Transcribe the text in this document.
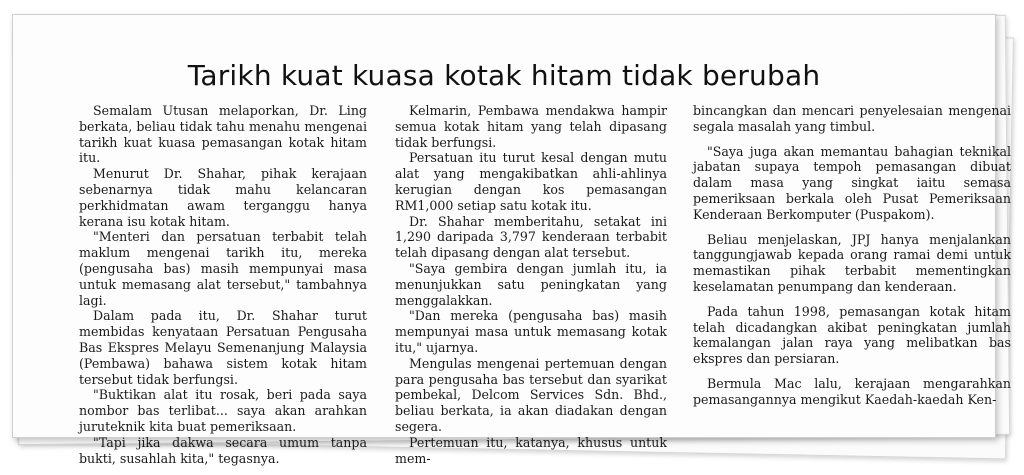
Tarikh kuat kuasa kotak hitam tidak berubah

Semalam Utusan melaporkan, Dr. Ling berkata, beliau tidak tahu menahu mengenai tarikh kuat kuasa pemasangan kotak hitam itu.

Menurut Dr. Shahar, pihak kerajaan sebenarnya tidak mahu kelancaran perkhidmatan awam terganggu hanya kerana isu kotak hitam.

"Menteri dan persatuan terbabit telah maklum mengenai tarikh itu, mereka (pengusaha bas) masih mempunyai masa untuk memasang alat tersebut," tambahnya lagi.

Dalam pada itu, Dr. Shahar turut membidas kenyataan Persatuan Pengusaha Bas Ekspres Melayu Semenanjung Malaysia (Pembawa) bahawa sistem kotak hitam tersebut tidak berfungsi.

"Buktikan alat itu rosak, beri pada saya nombor bas terlibat... saya akan arahkan juruteknik kita buat pemeriksaan.

"Tapi jika dakwa secara umum tanpa bukti, susahlah kita," tegasnya.

Kelmarin, Pembawa mendakwa hampir semua kotak hitam yang telah dipasang tidak berfungsi.

Persatuan itu turut kesal dengan mutu alat yang mengakibatkan ahli-ahlinya kerugian dengan kos pemasangan RM1,000 setiap satu kotak itu.

Dr. Shahar memberitahu, setakat ini 1,290 daripada 3,797 kenderaan terbabit telah dipasang dengan alat tersebut.

"Saya gembira dengan jumlah itu, ia menunjukkan satu peningkatan yang menggalakkan.

"Dan mereka (pengusaha bas) masih mempunyai masa untuk memasang kotak itu," ujarnya.

Mengulas mengenai pertemuan dengan para pengusaha bas tersebut dan syarikat pembekal, Delcom Services Sdn. Bhd., beliau berkata, ia akan diadakan dengan segera.

Pertemuan itu, katanya, khusus untuk mem-

bincangkan dan mencari penyelesaian mengenai segala masalah yang timbul.

"Saya juga akan memantau bahagian teknikal jabatan supaya tempoh pemasangan dibuat dalam masa yang singkat iaitu semasa pemeriksaan berkala oleh Pusat Pemeriksaan Kenderaan Berkomputer (Puspakom).

Beliau menjelaskan, JPJ hanya menjalankan tanggungjawab kepada orang ramai demi untuk memastikan pihak terbabit mementingkan keselamatan penumpang dan kenderaan.

Pada tahun 1998, pemasangan kotak hitam telah dicadangkan akibat peningkatan jumlah kemalangan jalan raya yang melibatkan bas ekspres dan persiaran.

Bermula Mac lalu, kerajaan mengarahkan pemasangannya mengikut Kaedah-kaedah Ken-
